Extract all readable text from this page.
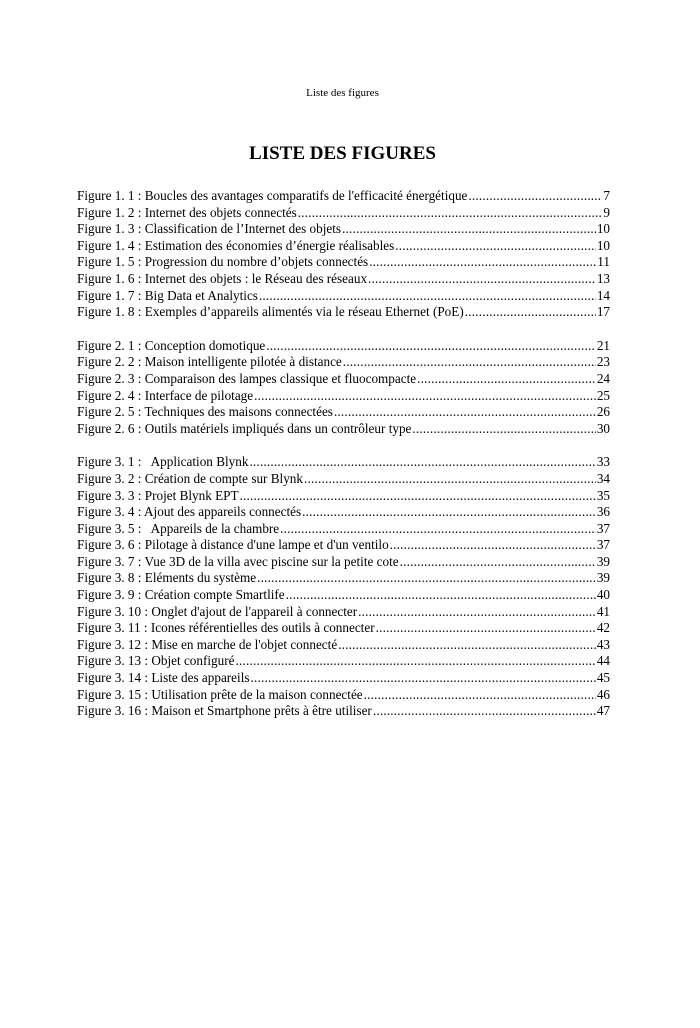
Liste des figures
LISTE DES FIGURES
Figure 1. 1 : Boucles des avantages comparatifs de l'efficacité énergétique .....	7
Figure 1. 2 : Internet des objets connectés .....	9
Figure 1. 3 : Classification de l’Internet des objets .....	10
Figure 1. 4 : Estimation des économies d’énergie réalisables .....	10
Figure 1. 5 : Progression du nombre d’objets connectés .....	11
Figure 1. 6 : Internet des objets : le Réseau des réseaux .....	13
Figure 1. 7 : Big Data et Analytics .....	14
Figure 1. 8 : Exemples d’appareils alimentés via le réseau Ethernet (PoE) .....	17
Figure 2. 1 : Conception domotique .....	21
Figure 2. 2 : Maison intelligente pilotée à distance .....	23
Figure 2. 3 : Comparaison des lampes classique et fluocompacte .....	24
Figure 2. 4 : Interface de pilotage .....	25
Figure 2. 5 : Techniques des maisons connectées .....	26
Figure 2. 6 : Outils matériels impliqués dans un contrôleur type .....	30
Figure 3. 1 :   Application Blynk .....	33
Figure 3. 2 : Création de compte sur Blynk .....	34
Figure 3. 3 : Projet Blynk EPT .....	35
Figure 3. 4 : Ajout des appareils connectés .....	36
Figure 3. 5 :   Appareils de la chambre .....	37
Figure 3. 6 : Pilotage à distance d'une lampe et d'un ventilo .....	37
Figure 3. 7 : Vue 3D de la villa avec piscine sur la petite cote .....	39
Figure 3. 8 : Eléments du système .....	39
Figure 3. 9 : Création compte Smartlife .....	40
Figure 3. 10 : Onglet d'ajout de l'appareil à connecter .....	41
Figure 3. 11 : Icones référentielles des outils à connecter .....	42
Figure 3. 12 : Mise en marche de l'objet connecté .....	43
Figure 3. 13 : Objet configuré .....	44
Figure 3. 14 : Liste des appareils .....	45
Figure 3. 15 : Utilisation prête de la maison connectée .....	46
Figure 3. 16 : Maison et Smartphone prêts à être utiliser .....	47
